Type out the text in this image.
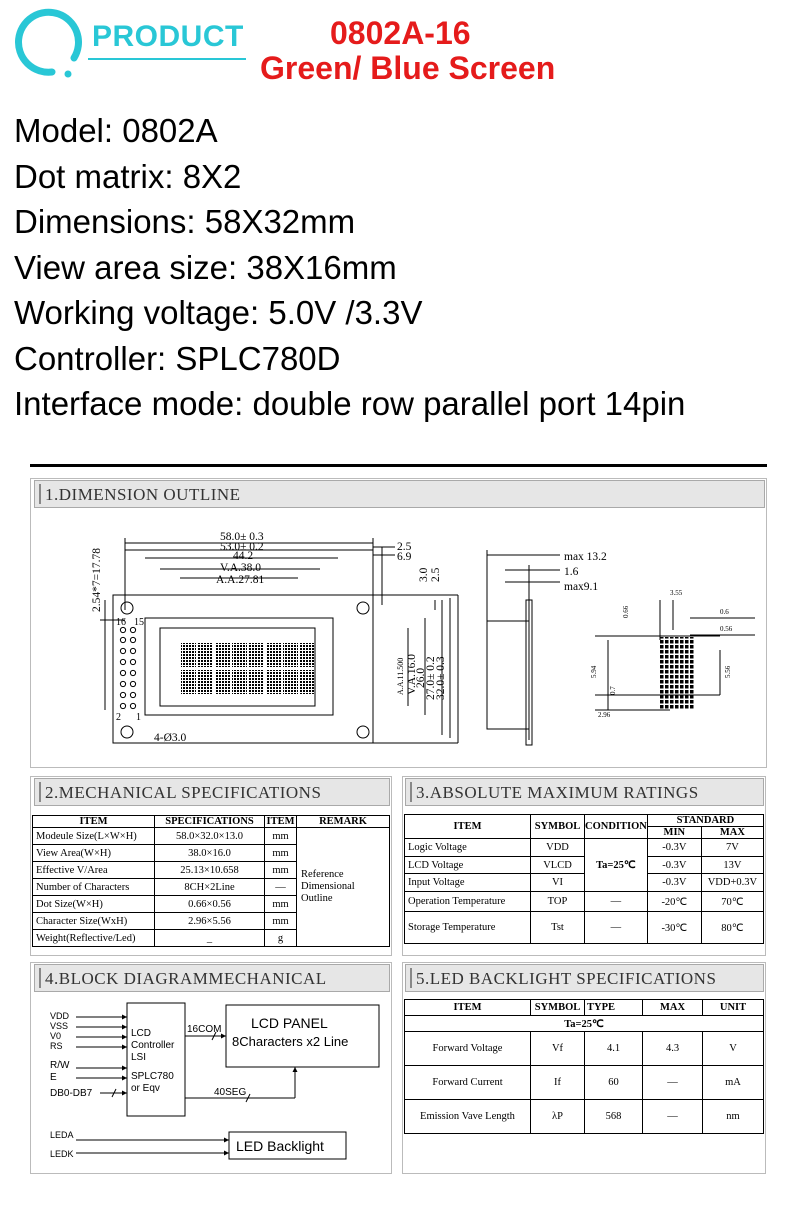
PRODUCT	0802A-16
Green/ Blue Screen
Model: 0802A
Dot matrix: 8X2
Dimensions: 58X32mm
View area size: 38X16mm
Working voltage: 5.0V /3.3V
Controller: SPLC780D
Interface mode: double row parallel port 14pin
1.DIMENSION OUTLINE
58.0± 0.3
53.0± 0.2
44.2
V.A.38.0
A.A.27.81
2.5
6.9
2.54*7=17.78
16 15
2 1
4-Ø3.0
3.0 2.5
A.A.11.500 V.A.16.0
26.0
27.0± 0.2
32.0± 0.3
max 13.2
1.6
max9.1	3.55
0.6
0.56
0.66
5.94
0.7
5.56
2.96
2.MECHANICAL SPECIFICATIONS
ITEM	SPECIFICATIONS	ITEM	REMARK
Modeule Size(L×W×H)	58.0×32.0×13.0	mm	Reference Dimensional Outline
View Area(W×H)	38.0×16.0	mm	
Effective V/Area	25.13×10.658	mm	
Number of Characters	8CH×2Line	—	
Dot Size(W×H)	0.66×0.56	mm	
Character Size(WxH)	2.96×5.56	mm	
Weight(Reflective/Led)	_	g	
3.ABSOLUTE MAXIMUM RATINGS
ITEM	SYMBOL	CONDITION	STANDARD	
			MIN	MAX
Logic Voltage	VDD	Ta=25℃	-0.3V	7V
LCD Voltage	VLCD		-0.3V	13V
Input Voltage	VI		-0.3V	VDD+0.3V
Operation Temperature	TOP	—	-20℃	70℃
Storage Temperature	Tst	—	-30℃	80℃
4.BLOCK DIAGRAMMECHANICAL
VDD
VSS
V0
RS
R/W
E
DB0-DB7
LCD
Controller
LSI
SPLC780
or Eqv
16COM
40SEG
LCD PANEL
8Characters x2 Line
LEDA
LEDK	LED Backlight
5.LED BACKLIGHT SPECIFICATIONS
ITEM	SYMBOL	TYPE	MAX	UNIT
Ta=25℃				
Forward Voltage	Vf	4.1	4.3	V
Forward Current	If	60	—	mA
Emission Vave Length	λP	568	—	nm
